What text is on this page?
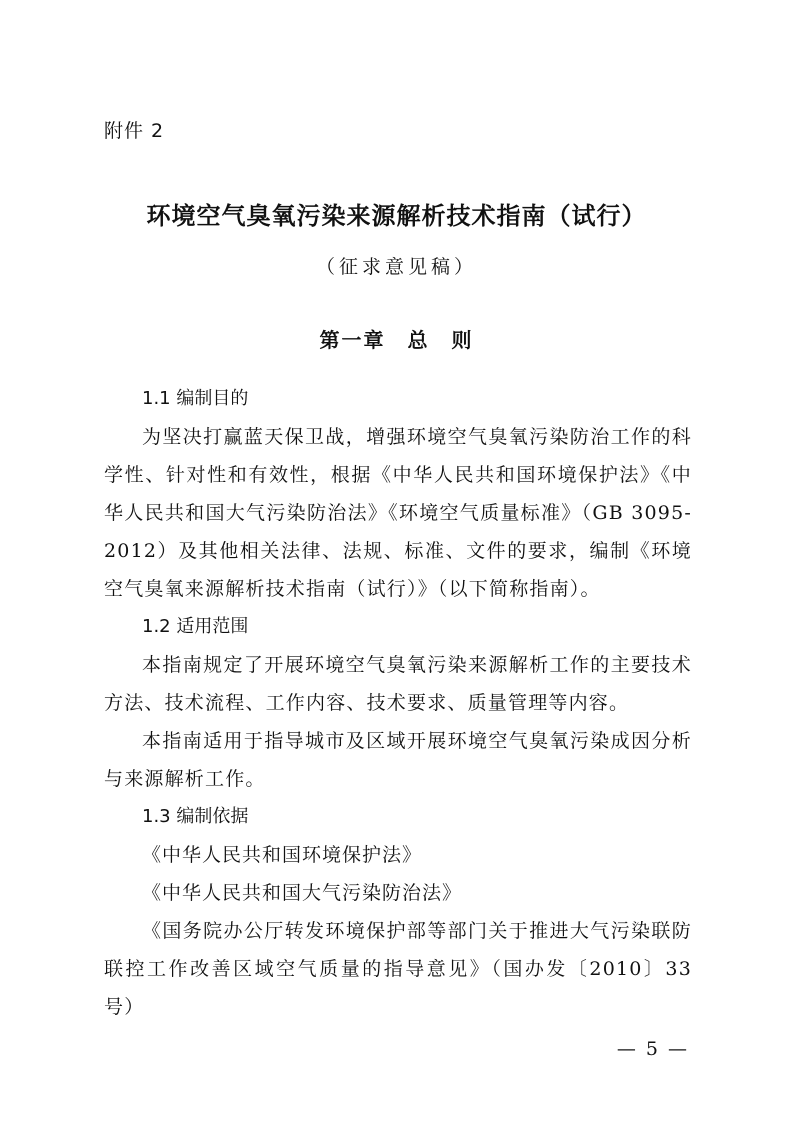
附件 2
环境空气臭氧污染来源解析技术指南（试行）
（征求意见稿）
第一章　总　则
1.1 编制目的

为坚决打赢蓝天保卫战，增强环境空气臭氧污染防治工作的科学性、针对性和有效性，根据《中华人民共和国环境保护法》《中华人民共和国大气污染防治法》《环境空气质量标准》（GB 3095-2012）及其他相关法律、法规、标准、文件的要求，编制《环境空气臭氧来源解析技术指南（试行）》（以下简称指南）。

1.2 适用范围

本指南规定了开展环境空气臭氧污染来源解析工作的主要技术方法、技术流程、工作内容、技术要求、质量管理等内容。

本指南适用于指导城市及区域开展环境空气臭氧污染成因分析与来源解析工作。

1.3 编制依据

《中华人民共和国环境保护法》

《中华人民共和国大气污染防治法》

《国务院办公厅转发环境保护部等部门关于推进大气污染联防联控工作改善区域空气质量的指导意见》（国办发〔2010〕33 号）

— 5 —
